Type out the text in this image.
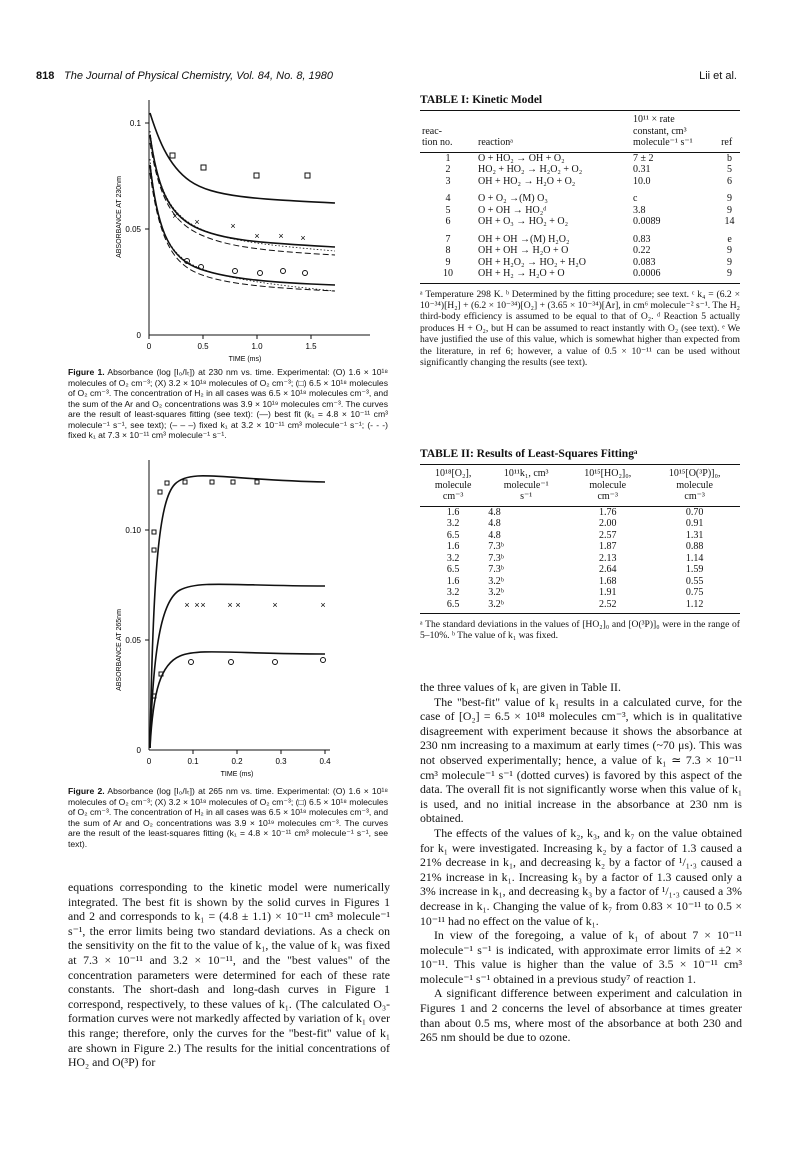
818 The Journal of Physical Chemistry, Vol. 84, No. 8, 1980	Lii et al.
0.1
0.05
0
0	0.5	1.0	1.5
TIME (ms)
ABSORBANCE AT 230nm	×
×	×
× × ×
Figure 1. Absorbance (log [I₀/Iₜ]) at 230 nm vs. time. Experimental: (O) 1.6 × 10¹⁸ molecules of O₂ cm⁻³; (X) 3.2 × 10¹⁸ molecules of O₂ cm⁻³; (□) 6.5 × 10¹⁸ molecules of O₂ cm⁻³. The concentration of H₂ in all cases was 6.5 × 10¹⁸ molecules cm⁻³, and the sum of the Ar and O₂ concentrations was 3.9 × 10¹⁹ molecules cm⁻³. The curves are the result of least-squares fitting (see text): (—) best fit (k₁ = 4.8 × 10⁻¹¹ cm³ molecule⁻¹ s⁻¹, see text); (– – –) fixed k₁ at 3.2 × 10⁻¹¹ cm³ molecule⁻¹ s⁻¹; (- - -) fixed k₁ at 7.3 × 10⁻¹¹ cm³ molecule⁻¹ s⁻¹.
0.10
0.05
0
0	0.1	0.2	0.3	0.4
TIME (ms)
ABSORBANCE AT 265nm
× × × × ×	×	×
Figure 2. Absorbance (log [I₀/Iₜ]) at 265 nm vs. time. Experimental: (O) 1.6 × 10¹⁸ molecules of O₂ cm⁻³; (X) 3.2 × 10¹⁸ molecules of O₂ cm⁻³; (□) 6.5 × 10¹⁸ molecules of O₂ cm⁻³. The concentration of H₂ in all cases was 6.5 × 10¹⁸ molecules cm⁻³, and the sum of Ar and O₂ concentrations was 3.9 × 10¹⁹ molecules cm⁻³. The curves are the result of the least-squares fitting (k₁ = 4.8 × 10⁻¹¹ cm³ molecule⁻¹ s⁻¹, see text).

equations corresponding to the kinetic model were numerically integrated. The best fit is shown by the solid curves in Figures 1 and 2 and corresponds to k₁ = (4.8 ± 1.1) × 10⁻¹¹ cm³ molecule⁻¹ s⁻¹, the error limits being two standard deviations. As a check on the sensitivity on the fit to the value of k₁, the value of k₁ was fixed at 7.3 × 10⁻¹¹ and 3.2 × 10⁻¹¹, and the "best values" of the concentration parameters were determined for each of these rate constants. The short-dash and long-dash curves in Figure 1 correspond, respectively, to these values of k₁. (The calculated O₃-formation curves were not markedly affected by variation of k₁ over this range; therefore, only the curves for the "best-fit" value of k₁ are shown in Figure 2.) The results for the initial concentrations of HO₂ and O(³P) for

TABLE I: Kinetic Model
reac-
tion no.	reactionᵃ	10¹¹ × rate
constant, cm³
molecule⁻¹ s⁻¹	ref
1	O + HO₂ → OH + O₂	7 ± 2	b
2	HO₂ + HO₂ → H₂O₂ + O₂	0.31	5
3	OH + HO₂ → H₂O + O₂	10.0	6
4	O + O₂ →(M) O₃	c	9
5	O + OH → HO₂ᵈ	3.8	9
6	OH + O₃ → HO₂ + O₂	0.0089	14
7	OH + OH →(M) H₂O₂	0.83	e
8	OH + OH → H₂O + O	0.22	9
9	OH + H₂O₂ → HO₂ + H₂O	0.083	9
10	OH + H₂ → H₂O + O	0.0006	9
ᵃ Temperature 298 K. ᵇ Determined by the fitting procedure; see text. ᶜ k₄ = (6.2 × 10⁻³⁴)[H₂] + (6.2 × 10⁻³⁴)[O₂] + (3.65 × 10⁻³⁴)[Ar], in cm⁶ molecule⁻² s⁻¹. The H₂ third-body efficiency is assumed to be equal to that of O₂. ᵈ Reaction 5 actually produces H + O₂, but H can be assumed to react instantly with O₂ (see text). ᵉ We have justified the use of this value, which is somewhat higher than expected from the literature, in ref 6; however, a value of 0.5 × 10⁻¹¹ can be used without significantly changing the results (see text).
TABLE II: Results of Least-Squares Fittingᵃ
10¹⁸[O₂],
molecule
cm⁻³	10¹¹k₁, cm³
molecule⁻¹
s⁻¹	10¹⁵[HO₂]₀,
molecule
cm⁻³	10¹⁵[O(³P)]₀,
molecule
cm⁻³
1.6	4.8	1.76	0.70
3.2	4.8	2.00	0.91
6.5	4.8	2.57	1.31
1.6	7.3ᵇ	1.87	0.88
3.2	7.3ᵇ	2.13	1.14
6.5	7.3ᵇ	2.64	1.59
1.6	3.2ᵇ	1.68	0.55
3.2	3.2ᵇ	1.91	0.75
6.5	3.2ᵇ	2.52	1.12
ᵃ The standard deviations in the values of [HO₂]₀ and [O(³P)]₀ were in the range of 5–10%. ᵇ The value of k₁ was fixed.

the three values of k₁ are given in Table II.

The "best-fit" value of k₁ results in a calculated curve, for the case of [O₂] = 6.5 × 10¹⁸ molecules cm⁻³, which is in qualitative disagreement with experiment because it shows the absorbance at 230 nm increasing to a maximum at early times (~70 μs). This was not observed experimentally; hence, a value of k₁ ≃ 7.3 × 10⁻¹¹ cm³ molecule⁻¹ s⁻¹ (dotted curves) is favored by this aspect of the data. The overall fit is not significantly worse when this value of k₁ is used, and no initial increase in the absorbance at 230 nm is obtained.

The effects of the values of k₂, k₃, and k₇ on the value obtained for k₁ were investigated. Increasing k₂ by a factor of 1.3 caused a 21% decrease in k₁, and decreasing k₂ by a factor of ¹/₁.₃ caused a 21% increase in k₁. Increasing k₃ by a factor of 1.3 caused only a 3% increase in k₁, and decreasing k₃ by a factor of ¹/₁.₃ caused a 3% decrease in k₁. Changing the value of k₇ from 0.83 × 10⁻¹¹ to 0.5 × 10⁻¹¹ had no effect on the value of k₁.

In view of the foregoing, a value of k₁ of about 7 × 10⁻¹¹ molecule⁻¹ s⁻¹ is indicated, with approximate error limits of ±2 × 10⁻¹¹. This value is higher than the value of 3.5 × 10⁻¹¹ cm³ molecule⁻¹ s⁻¹ obtained in a previous study⁷ of reaction 1.

A significant difference between experiment and calculation in Figures 1 and 2 concerns the level of absorbance at times greater than about 0.5 ms, where most of the absorbance at both 230 and 265 nm should be due to ozone.
